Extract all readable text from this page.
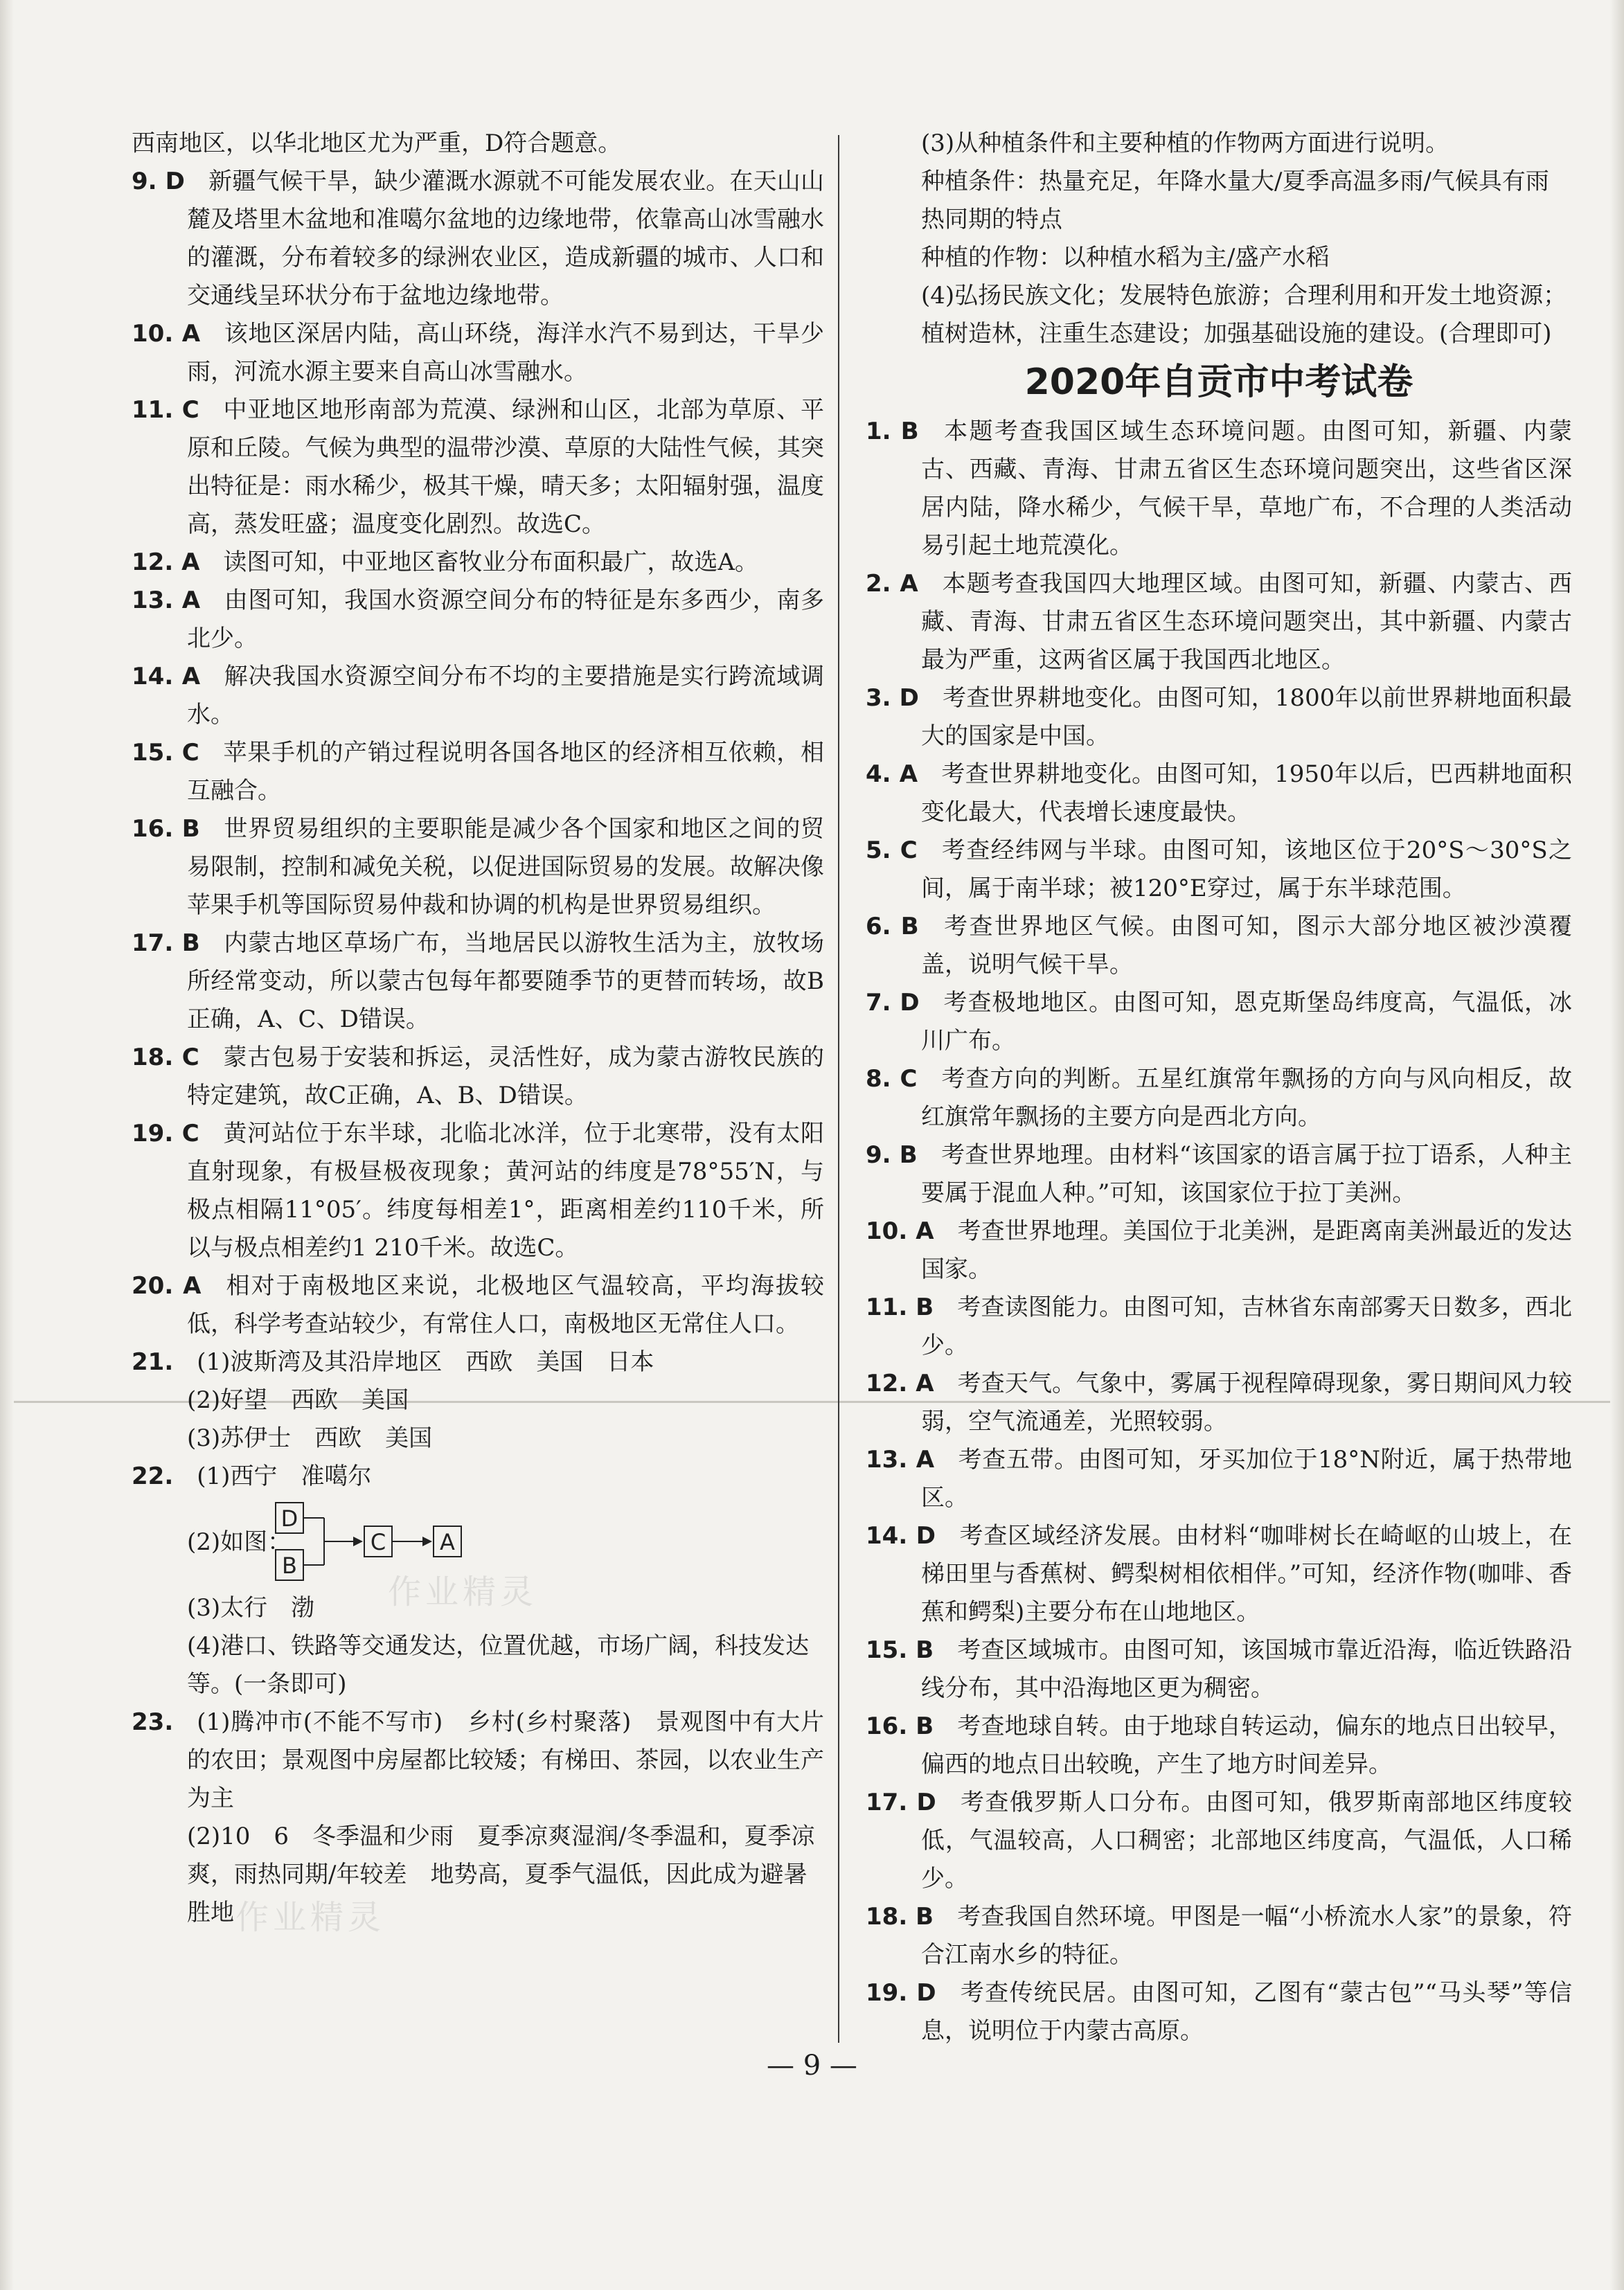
西南地区，以华北地区尤为严重，D符合题意。
9. D  新疆气候干旱，缺少灌溉水源就不可能发展农业。在天山山麓及塔里木盆地和准噶尔盆地的边缘地带，依靠高山冰雪融水的灌溉，分布着较多的绿洲农业区，造成新疆的城市、人口和交通线呈环状分布于盆地边缘地带。
10. A  该地区深居内陆，高山环绕，海洋水汽不易到达，干旱少雨，河流水源主要来自高山冰雪融水。
11. C  中亚地区地形南部为荒漠、绿洲和山区，北部为草原、平原和丘陵。气候为典型的温带沙漠、草原的大陆性气候，其突出特征是：雨水稀少，极其干燥，晴天多；太阳辐射强，温度高，蒸发旺盛；温度变化剧烈。故选C。
12. A  读图可知，中亚地区畜牧业分布面积最广，故选A。
13. A  由图可知，我国水资源空间分布的特征是东多西少，南多北少。
14. A  解决我国水资源空间分布不均的主要措施是实行跨流域调水。
15. C  苹果手机的产销过程说明各国各地区的经济相互依赖，相互融合。
16. B  世界贸易组织的主要职能是减少各个国家和地区之间的贸易限制，控制和减免关税，以促进国际贸易的发展。故解决像苹果手机等国际贸易仲裁和协调的机构是世界贸易组织。
17. B  内蒙古地区草场广布，当地居民以游牧生活为主，放牧场所经常变动，所以蒙古包每年都要随季节的更替而转场，故B正确，A、C、D错误。
18. C  蒙古包易于安装和拆运，灵活性好，成为蒙古游牧民族的特定建筑，故C正确，A、B、D错误。
19. C  黄河站位于东半球，北临北冰洋，位于北寒带，没有太阳直射现象，有极昼极夜现象；黄河站的纬度是78°55′N，与极点相隔11°05′。纬度每相差1°，距离相差约110千米，所以与极点相差约1 210千米。故选C。
20. A  相对于南极地区来说，北极地区气温较高，平均海拔较低，科学考查站较少，有常住人口，南极地区无常住人口。
21.  (1)波斯湾及其沿岸地区　西欧　美国　日本
(2)好望　西欧　美国
(3)苏伊士　西欧　美国
22.  (1)西宁　准噶尔
(2)如图：
D
B
C A
(3)太行　渤
(4)港口、铁路等交通发达，位置优越，市场广阔，科技发达等。(一条即可)
23.  (1)腾冲市(不能不写市)　乡村(乡村聚落)　景观图中有大片的农田；景观图中房屋都比较矮；有梯田、茶园，以农业生产为主
(2)10　6　冬季温和少雨　夏季凉爽湿润/冬季温和，夏季凉爽，雨热同期/年较差　地势高，夏季气温低，因此成为避暑胜地
(3)从种植条件和主要种植的作物两方面进行说明。
种植条件：热量充足，年降水量大/夏季高温多雨/气候具有雨热同期的特点
种植的作物：以种植水稻为主/盛产水稻
(4)弘扬民族文化；发展特色旅游；合理利用和开发土地资源；植树造林，注重生态建设；加强基础设施的建设。(合理即可)
2020年自贡市中考试卷
1. B  本题考查我国区域生态环境问题。由图可知，新疆、内蒙古、西藏、青海、甘肃五省区生态环境问题突出，这些省区深居内陆，降水稀少，气候干旱，草地广布，不合理的人类活动易引起土地荒漠化。
2. A  本题考查我国四大地理区域。由图可知，新疆、内蒙古、西藏、青海、甘肃五省区生态环境问题突出，其中新疆、内蒙古最为严重，这两省区属于我国西北地区。
3. D  考查世界耕地变化。由图可知，1800年以前世界耕地面积最大的国家是中国。
4. A  考查世界耕地变化。由图可知，1950年以后，巴西耕地面积变化最大，代表增长速度最快。
5. C  考查经纬网与半球。由图可知，该地区位于20°S～30°S之间，属于南半球；被120°E穿过，属于东半球范围。
6. B  考查世界地区气候。由图可知，图示大部分地区被沙漠覆盖，说明气候干旱。
7. D  考查极地地区。由图可知，恩克斯堡岛纬度高，气温低，冰川广布。
8. C  考查方向的判断。五星红旗常年飘扬的方向与风向相反，故红旗常年飘扬的主要方向是西北方向。
9. B  考查世界地理。由材料“该国家的语言属于拉丁语系，人种主要属于混血人种。”可知，该国家位于拉丁美洲。
10. A  考查世界地理。美国位于北美洲，是距离南美洲最近的发达国家。
11. B  考查读图能力。由图可知，吉林省东南部雾天日数多，西北少。
12. A  考查天气。气象中，雾属于视程障碍现象，雾日期间风力较弱，空气流通差，光照较弱。
13. A  考查五带。由图可知，牙买加位于18°N附近，属于热带地区。
14. D  考查区域经济发展。由材料“咖啡树长在崎岖的山坡上，在梯田里与香蕉树、鳄梨树相依相伴。”可知，经济作物(咖啡、香蕉和鳄梨)主要分布在山地地区。
15. B  考查区域城市。由图可知，该国城市靠近沿海，临近铁路沿线分布，其中沿海地区更为稠密。
16. B  考查地球自转。由于地球自转运动，偏东的地点日出较早，偏西的地点日出较晚，产生了地方时间差异。
17. D  考查俄罗斯人口分布。由图可知，俄罗斯南部地区纬度较低，气温较高，人口稠密；北部地区纬度高，气温低，人口稀少。
18. B  考查我国自然环境。甲图是一幅“小桥流水人家”的景象，符合江南水乡的特征。
19. D  考查传统民居。由图可知，乙图有“蒙古包”“马头琴”等信息，说明位于内蒙古高原。
— 9 —
作业精灵
作业精灵
